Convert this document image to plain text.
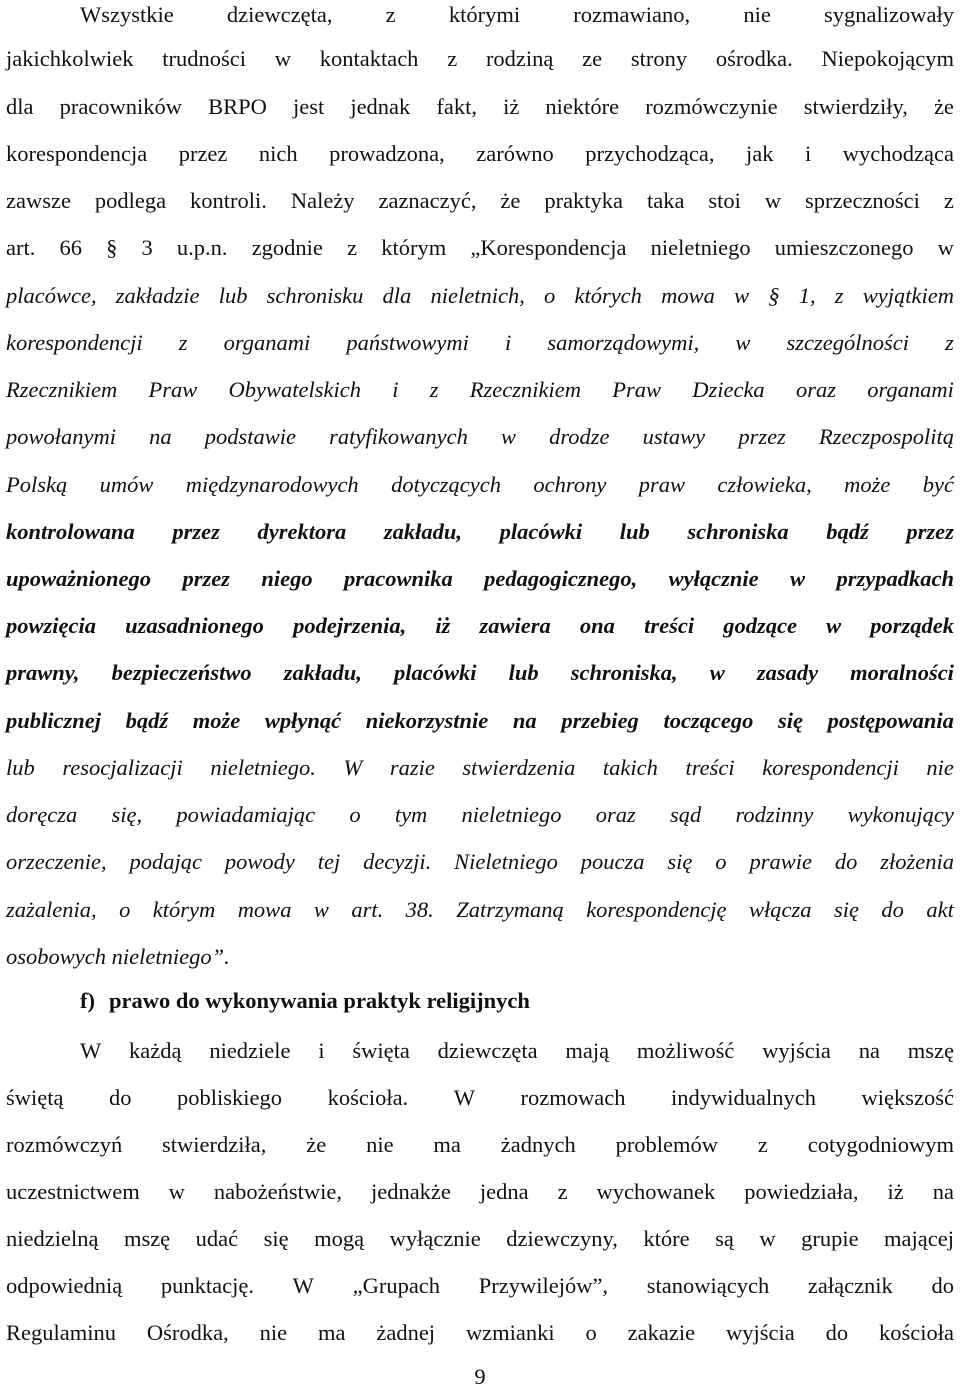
Wszystkie dziewczęta, z którymi rozmawiano, nie sygnalizowały
jakichkolwiek trudności w kontaktach z rodziną ze strony ośrodka. Niepokojącym
dla pracowników BRPO jest jednak fakt, iż niektóre rozmówczynie stwierdziły, że
korespondencja przez nich prowadzona, zarówno przychodząca, jak i wychodząca
zawsze podlega kontroli. Należy zaznaczyć, że praktyka taka stoi w sprzeczności z
art. 66 § 3 u.p.n. zgodnie z którym „Korespondencja nieletniego umieszczonego w
placówce, zakładzie lub schronisku dla nieletnich, o których mowa w § 1, z wyjątkiem
korespondencji z organami państwowymi i samorządowymi, w szczególności z
Rzecznikiem Praw Obywatelskich i z Rzecznikiem Praw Dziecka oraz organami
powołanymi na podstawie ratyfikowanych w drodze ustawy przez Rzeczpospolitą
Polską umów międzynarodowych dotyczących ochrony praw człowieka, może być
kontrolowana przez dyrektora zakładu, placówki lub schroniska bądź przez
upoważnionego przez niego pracownika pedagogicznego, wyłącznie w przypadkach
powzięcia uzasadnionego podejrzenia, iż zawiera ona treści godzące w porządek
prawny, bezpieczeństwo zakładu, placówki lub schroniska, w zasady moralności
publicznej bądź może wpłynąć niekorzystnie na przebieg toczącego się postępowania
lub resocjalizacji nieletniego. W razie stwierdzenia takich treści korespondencji nie
doręcza się, powiadamiając o tym nieletniego oraz sąd rodzinny wykonujący
orzeczenie, podając powody tej decyzji. Nieletniego poucza się o prawie do złożenia
zażalenia, o którym mowa w art. 38. Zatrzymaną korespondencję włącza się do akt
osobowych nieletniego”.
f) prawo do wykonywania praktyk religijnych
W każdą niedziele i święta dziewczęta mają możliwość wyjścia na mszę
świętą do pobliskiego kościoła. W rozmowach indywidualnych większość
rozmówczyń stwierdziła, że nie ma żadnych problemów z cotygodniowym
uczestnictwem w nabożeństwie, jednakże jedna z wychowanek powiedziała, iż na
niedzielną mszę udać się mogą wyłącznie dziewczyny, które są w grupie mającej
odpowiednią punktację. W „Grupach Przywilejów”, stanowiących załącznik do
Regulaminu Ośrodka, nie ma żadnej wzmianki o zakazie wyjścia do kościoła
9
